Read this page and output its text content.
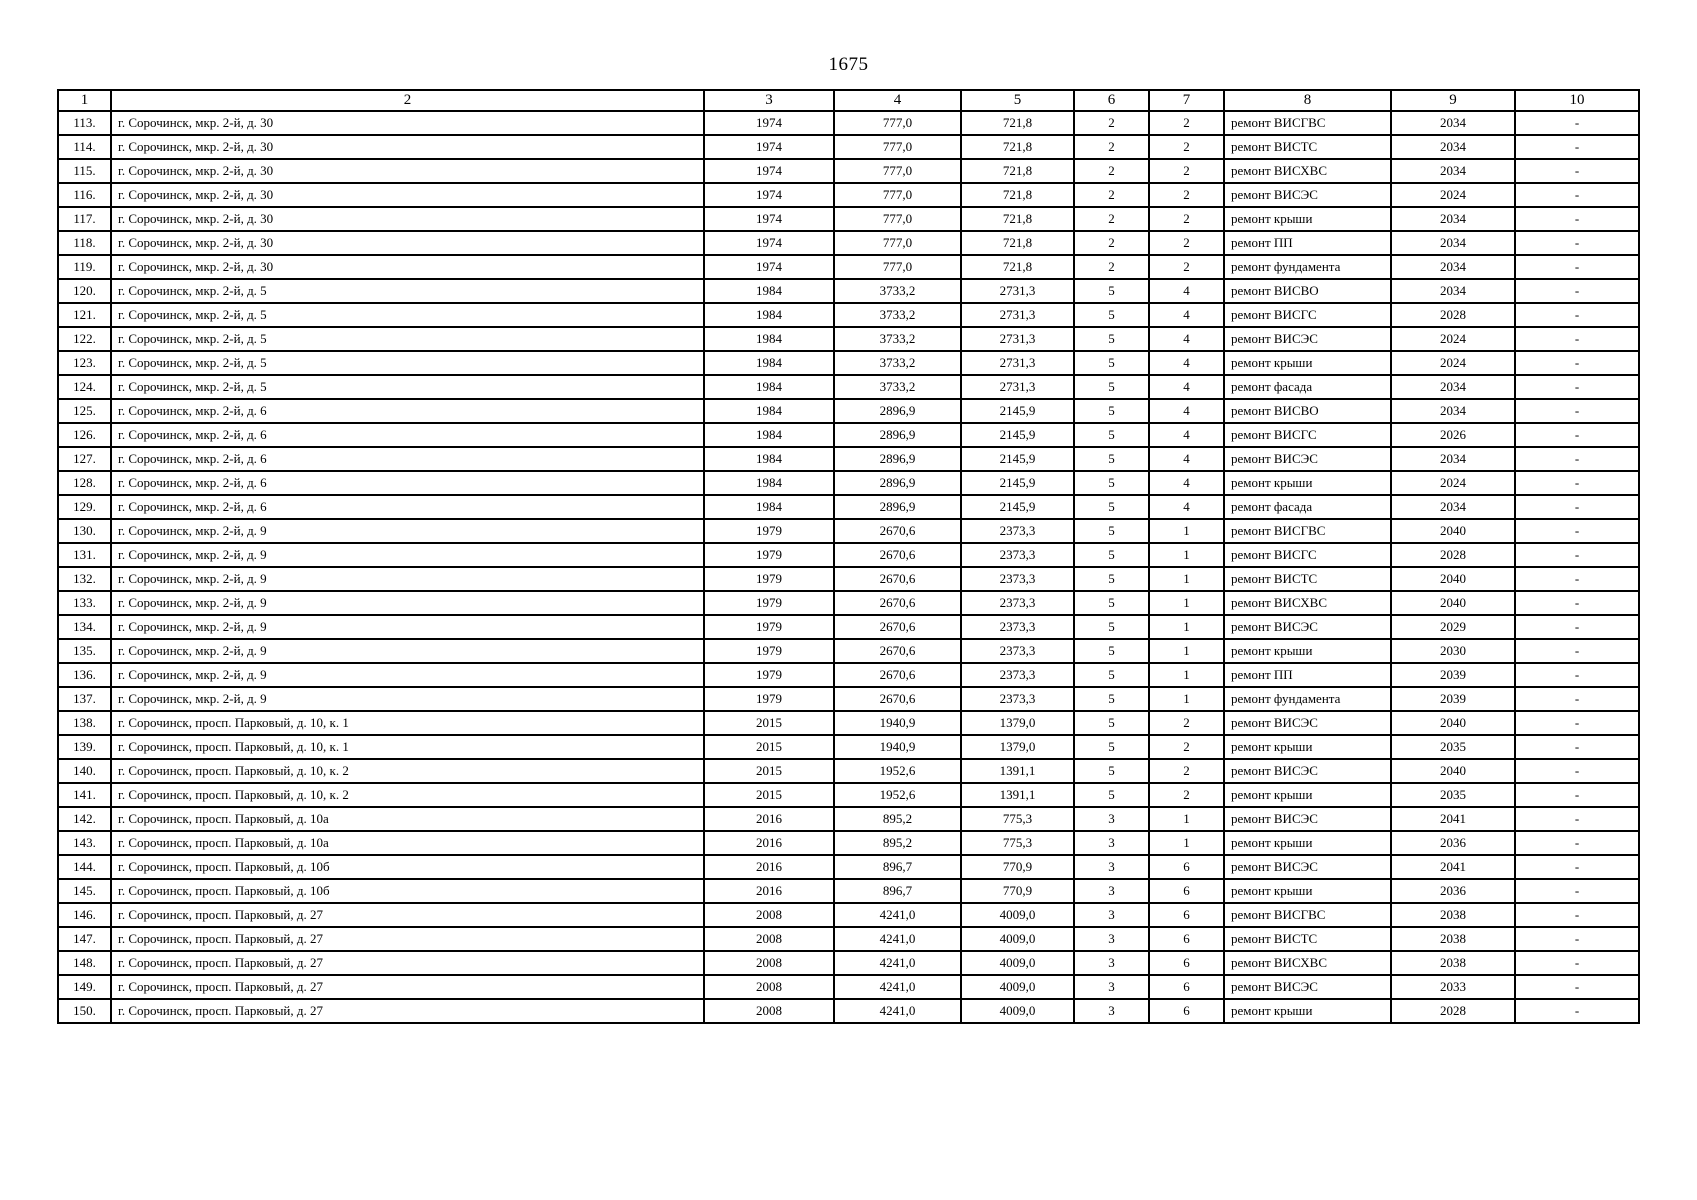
1675
1	2	3	4	5	6	7	8	9	10
113.	г. Сорочинск, мкр. 2-й, д. 30	1974	777,0	721,8	2	2	ремонт ВИСГВС	2034	-
114.	г. Сорочинск, мкр. 2-й, д. 30	1974	777,0	721,8	2	2	ремонт ВИСТС	2034	-
115.	г. Сорочинск, мкр. 2-й, д. 30	1974	777,0	721,8	2	2	ремонт ВИСХВС	2034	-
116.	г. Сорочинск, мкр. 2-й, д. 30	1974	777,0	721,8	2	2	ремонт ВИСЭС	2024	-
117.	г. Сорочинск, мкр. 2-й, д. 30	1974	777,0	721,8	2	2	ремонт крыши	2034	-
118.	г. Сорочинск, мкр. 2-й, д. 30	1974	777,0	721,8	2	2	ремонт ПП	2034	-
119.	г. Сорочинск, мкр. 2-й, д. 30	1974	777,0	721,8	2	2	ремонт фундамента	2034	-
120.	г. Сорочинск, мкр. 2-й, д. 5	1984	3733,2	2731,3	5	4	ремонт ВИСВО	2034	-
121.	г. Сорочинск, мкр. 2-й, д. 5	1984	3733,2	2731,3	5	4	ремонт ВИСГС	2028	-
122.	г. Сорочинск, мкр. 2-й, д. 5	1984	3733,2	2731,3	5	4	ремонт ВИСЭС	2024	-
123.	г. Сорочинск, мкр. 2-й, д. 5	1984	3733,2	2731,3	5	4	ремонт крыши	2024	-
124.	г. Сорочинск, мкр. 2-й, д. 5	1984	3733,2	2731,3	5	4	ремонт фасада	2034	-
125.	г. Сорочинск, мкр. 2-й, д. 6	1984	2896,9	2145,9	5	4	ремонт ВИСВО	2034	-
126.	г. Сорочинск, мкр. 2-й, д. 6	1984	2896,9	2145,9	5	4	ремонт ВИСГС	2026	-
127.	г. Сорочинск, мкр. 2-й, д. 6	1984	2896,9	2145,9	5	4	ремонт ВИСЭС	2034	-
128.	г. Сорочинск, мкр. 2-й, д. 6	1984	2896,9	2145,9	5	4	ремонт крыши	2024	-
129.	г. Сорочинск, мкр. 2-й, д. 6	1984	2896,9	2145,9	5	4	ремонт фасада	2034	-
130.	г. Сорочинск, мкр. 2-й, д. 9	1979	2670,6	2373,3	5	1	ремонт ВИСГВС	2040	-
131.	г. Сорочинск, мкр. 2-й, д. 9	1979	2670,6	2373,3	5	1	ремонт ВИСГС	2028	-
132.	г. Сорочинск, мкр. 2-й, д. 9	1979	2670,6	2373,3	5	1	ремонт ВИСТС	2040	-
133.	г. Сорочинск, мкр. 2-й, д. 9	1979	2670,6	2373,3	5	1	ремонт ВИСХВС	2040	-
134.	г. Сорочинск, мкр. 2-й, д. 9	1979	2670,6	2373,3	5	1	ремонт ВИСЭС	2029	-
135.	г. Сорочинск, мкр. 2-й, д. 9	1979	2670,6	2373,3	5	1	ремонт крыши	2030	-
136.	г. Сорочинск, мкр. 2-й, д. 9	1979	2670,6	2373,3	5	1	ремонт ПП	2039	-
137.	г. Сорочинск, мкр. 2-й, д. 9	1979	2670,6	2373,3	5	1	ремонт фундамента	2039	-
138.	г. Сорочинск, просп. Парковый, д. 10, к. 1	2015	1940,9	1379,0	5	2	ремонт ВИСЭС	2040	-
139.	г. Сорочинск, просп. Парковый, д. 10, к. 1	2015	1940,9	1379,0	5	2	ремонт крыши	2035	-
140.	г. Сорочинск, просп. Парковый, д. 10, к. 2	2015	1952,6	1391,1	5	2	ремонт ВИСЭС	2040	-
141.	г. Сорочинск, просп. Парковый, д. 10, к. 2	2015	1952,6	1391,1	5	2	ремонт крыши	2035	-
142.	г. Сорочинск, просп. Парковый, д. 10а	2016	895,2	775,3	3	1	ремонт ВИСЭС	2041	-
143.	г. Сорочинск, просп. Парковый, д. 10а	2016	895,2	775,3	3	1	ремонт крыши	2036	-
144.	г. Сорочинск, просп. Парковый, д. 10б	2016	896,7	770,9	3	6	ремонт ВИСЭС	2041	-
145.	г. Сорочинск, просп. Парковый, д. 10б	2016	896,7	770,9	3	6	ремонт крыши	2036	-
146.	г. Сорочинск, просп. Парковый, д. 27	2008	4241,0	4009,0	3	6	ремонт ВИСГВС	2038	-
147.	г. Сорочинск, просп. Парковый, д. 27	2008	4241,0	4009,0	3	6	ремонт ВИСТС	2038	-
148.	г. Сорочинск, просп. Парковый, д. 27	2008	4241,0	4009,0	3	6	ремонт ВИСХВС	2038	-
149.	г. Сорочинск, просп. Парковый, д. 27	2008	4241,0	4009,0	3	6	ремонт ВИСЭС	2033	-
150.	г. Сорочинск, просп. Парковый, д. 27	2008	4241,0	4009,0	3	6	ремонт крыши	2028	-
